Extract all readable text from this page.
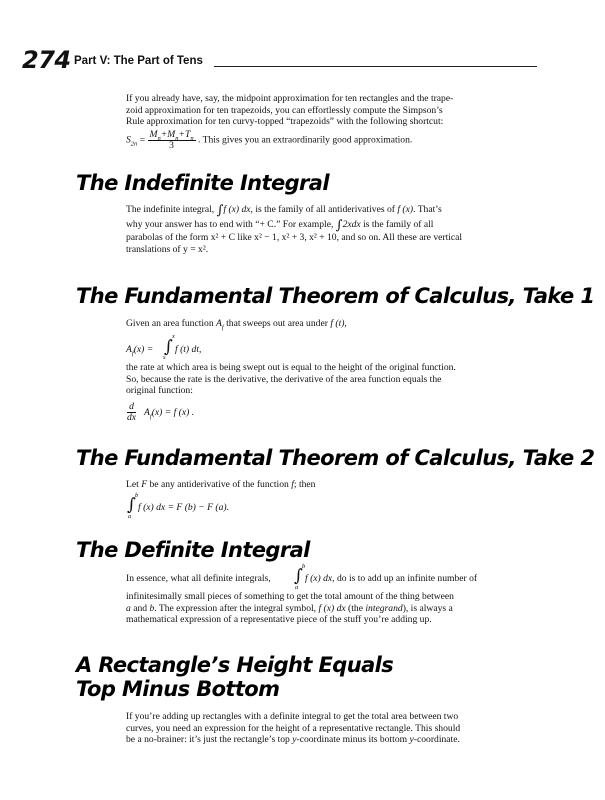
274 Part V: The Part of Tens

If you already have, say, the midpoint approximation for ten rectangles and the trape-

zoid approximation for ten trapezoids, you can effortlessly compute the Simpson’s

Rule approximation for ten curvy-topped “trapezoids” with the following shortcut:

$S_{2n} = \frac{M_n+M_n+T_n}{3}$ . This gives you an extraordinarily good approximation.

The Indefinite Integral

The indefinite integral, ∫f (x) dx, is the family of all antiderivatives of f (x). That’s

why your answer has to end with “+ C.” For example, ∫2xdx is the family of all

parabolas of the form x² + C like x² − 1, x² + 3, x² + 10, and so on. All these are vertical

translations of y = x².

The Fundamental Theorem of Calculus, Take 1

Given an area function $A_f$ that sweeps out area under f (t),

$A_f(x)$ = ∫
x
s
f (t) dt,

the rate at which area is being swept out is equal to the height of the original function.

So, because the rate is the derivative, the derivative of the area function equals the

original function:

$\frac{d}{dx} A_f(x) = f$ (x) .
The Fundamental Theorem of Calculus, Take 2

Let F be any antiderivative of the function f; then

∫ b
a
f (x) dx = F (b) − F (a).
The Definite Integral
In essence, what all definite integrals, ∫ b
a
f (x) dx, do is to add up an infinite number of

infinitesimally small pieces of something to get the total amount of the thing between

a and b. The expression after the integral symbol, f (x) dx (the integrand), is always a

mathematical expression of a representative piece of the stuff you’re adding up.

A Rectangle’s Height Equals
Top Minus Bottom

If you’re adding up rectangles with a definite integral to get the total area between two

curves, you need an expression for the height of a representative rectangle. This should

be a no-brainer: it’s just the rectangle’s top y-coordinate minus its bottom y-coordinate.
